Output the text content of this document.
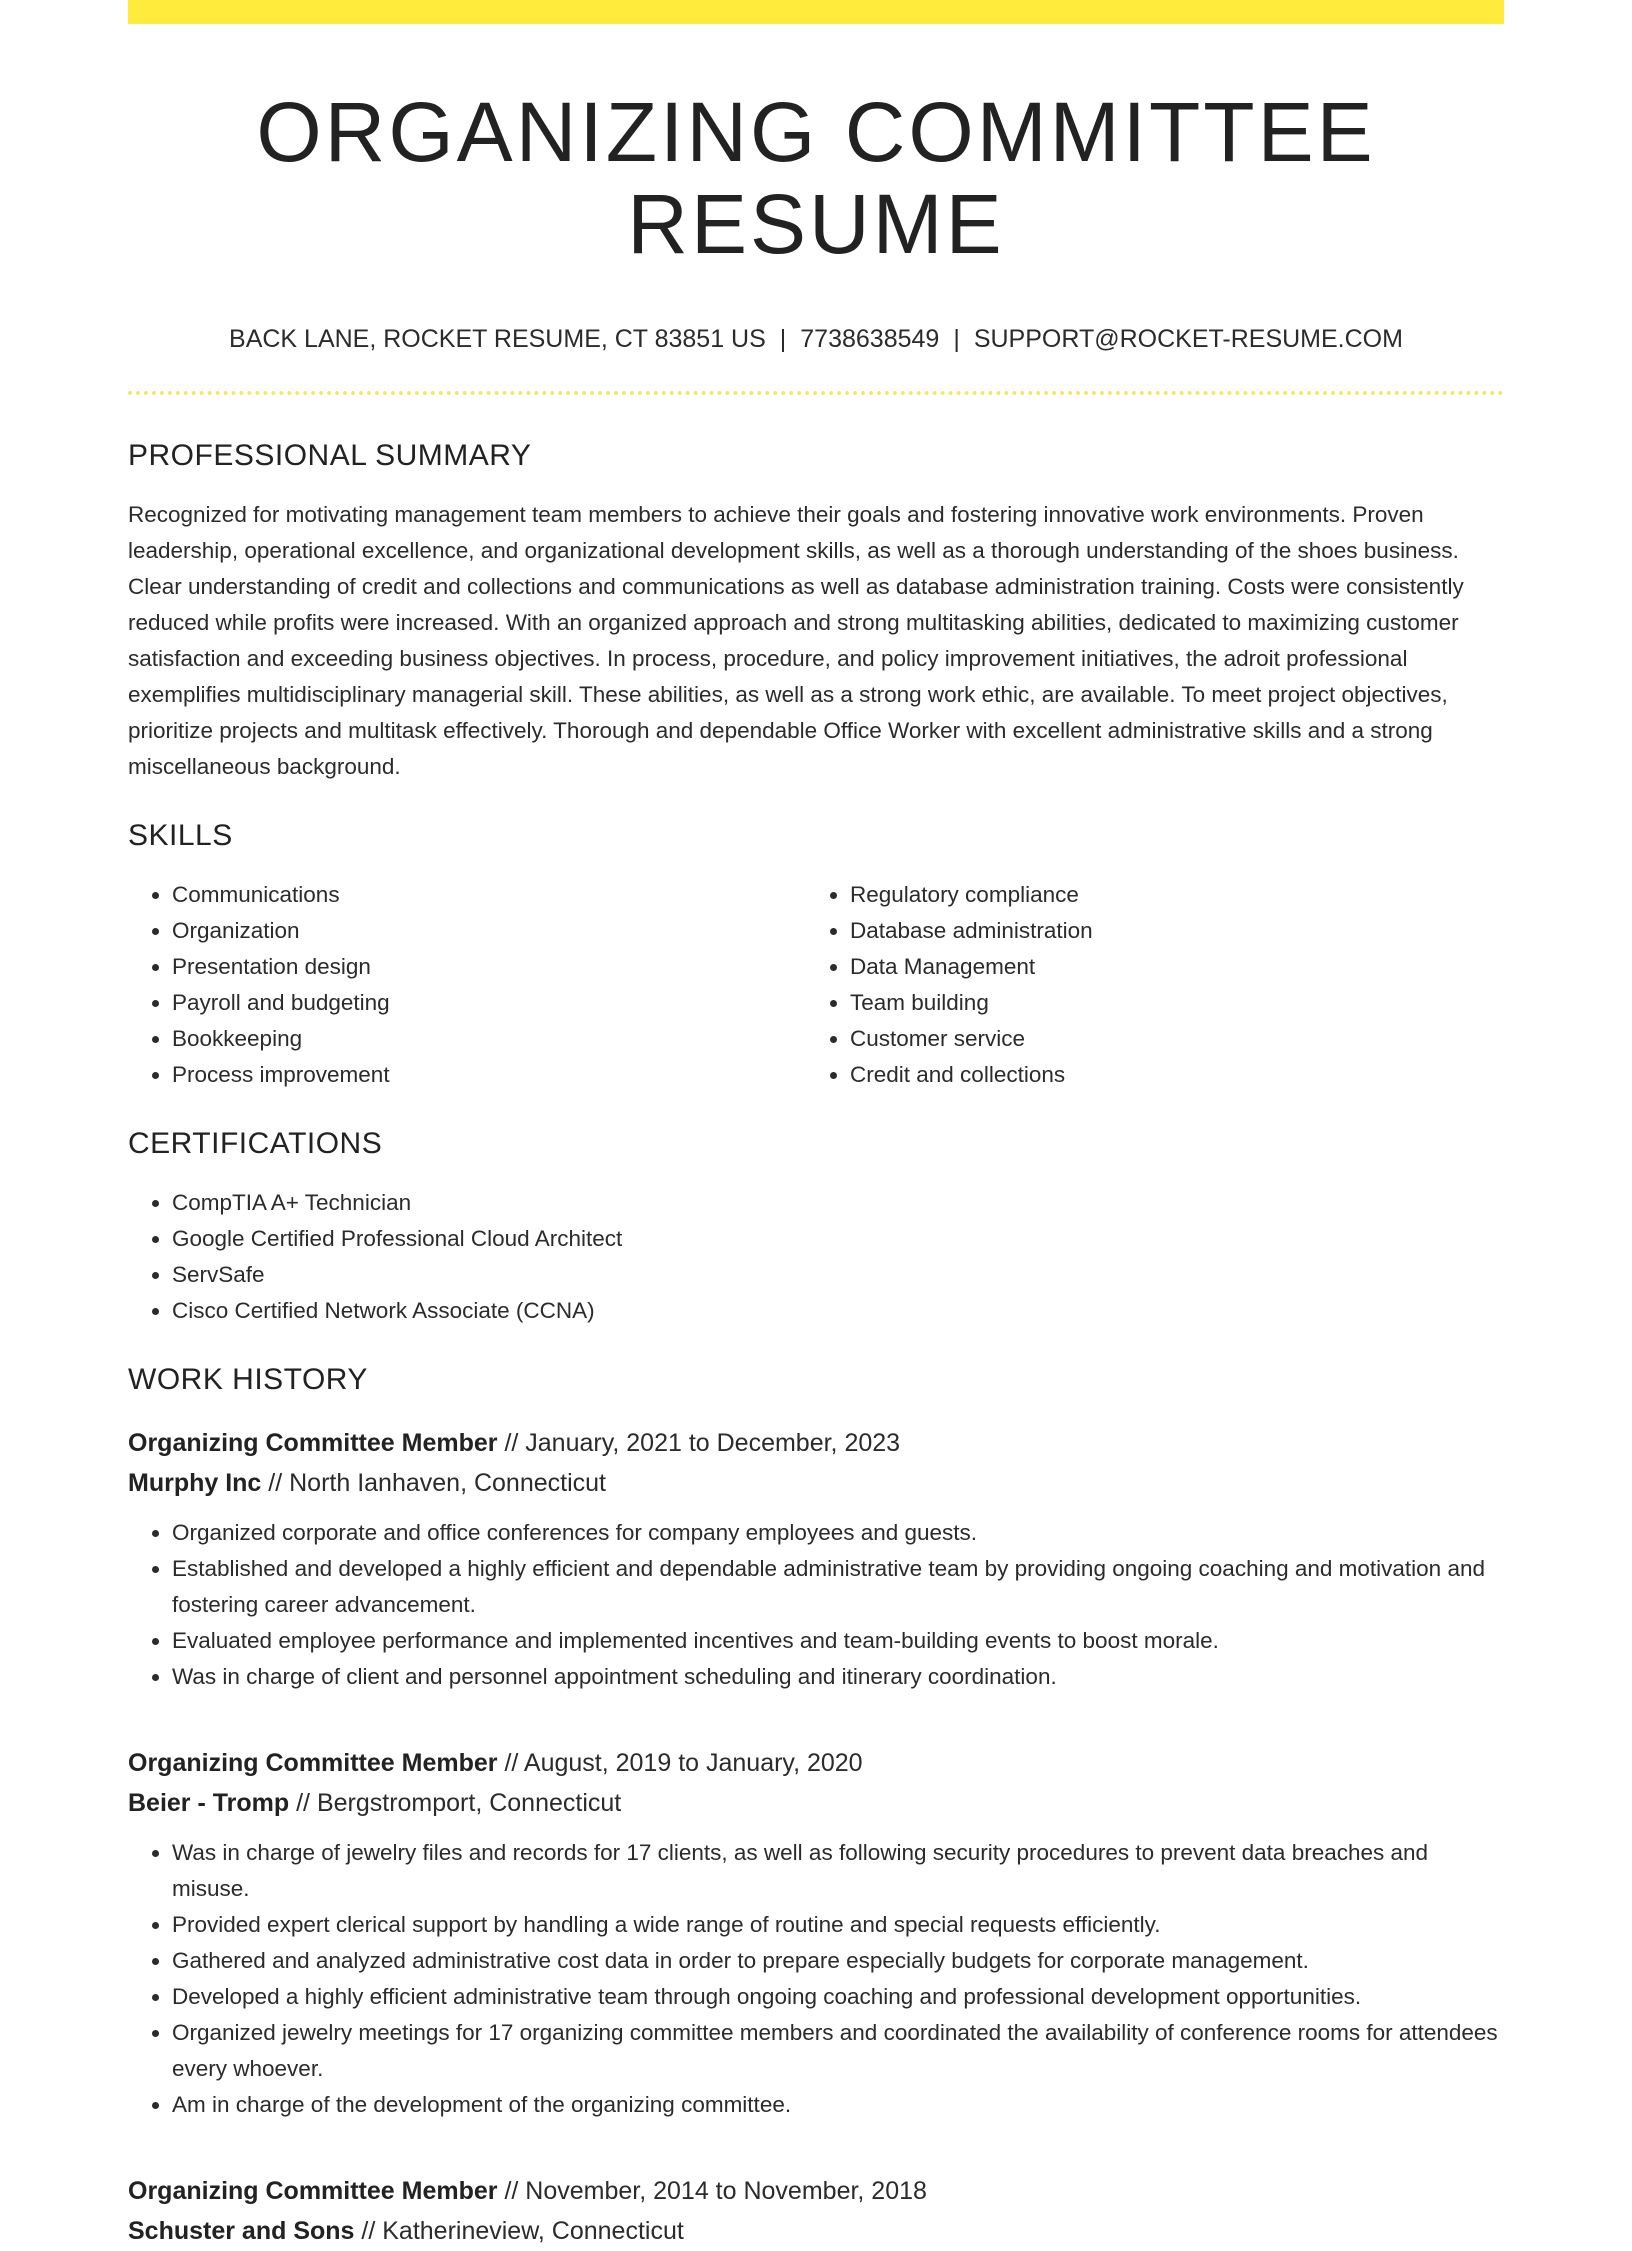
ORGANIZING COMMITTEE RESUME
BACK LANE, ROCKET RESUME, CT 83851 US | 7738638549 | SUPPORT@ROCKET-RESUME.COM
PROFESSIONAL SUMMARY

Recognized for motivating management team members to achieve their goals and fostering innovative work environments. Proven leadership, operational excellence, and organizational development skills, as well as a thorough understanding of the shoes business. Clear understanding of credit and collections and communications as well as database administration training. Costs were consistently reduced while profits were increased. With an organized approach and strong multitasking abilities, dedicated to maximizing customer satisfaction and exceeding business objectives. In process, procedure, and policy improvement initiatives, the adroit professional exemplifies multidisciplinary managerial skill. These abilities, as well as a strong work ethic, are available. To meet project objectives, prioritize projects and multitask effectively. Thorough and dependable Office Worker with excellent administrative skills and a strong miscellaneous background.

SKILLS
• Communications
• Organization
• Presentation design
• Payroll and budgeting
• Bookkeeping
• Process improvement
• Regulatory compliance
• Database administration
• Data Management
• Team building
• Customer service
• Credit and collections
CERTIFICATIONS
• CompTIA A+ Technician
• Google Certified Professional Cloud Architect
• ServSafe
• Cisco Certified Network Associate (CCNA)
WORK HISTORY
Organizing Committee Member // January, 2021 to December, 2023
Murphy Inc // North Ianhaven, Connecticut
• Organized corporate and office conferences for company employees and guests.
• Established and developed a highly efficient and dependable administrative team by providing ongoing coaching and motivation and fostering career advancement.
• Evaluated employee performance and implemented incentives and team-building events to boost morale.
• Was in charge of client and personnel appointment scheduling and itinerary coordination.
Organizing Committee Member // August, 2019 to January, 2020
Beier - Tromp // Bergstromport, Connecticut
• Was in charge of jewelry files and records for 17 clients, as well as following security procedures to prevent data breaches and misuse.
• Provided expert clerical support by handling a wide range of routine and special requests efficiently.
• Gathered and analyzed administrative cost data in order to prepare especially budgets for corporate management.
• Developed a highly efficient administrative team through ongoing coaching and professional development opportunities.
• Organized jewelry meetings for 17 organizing committee members and coordinated the availability of conference rooms for attendees every whoever.
• Am in charge of the development of the organizing committee.
Organizing Committee Member // November, 2014 to November, 2018
Schuster and Sons // Katherineview, Connecticut
